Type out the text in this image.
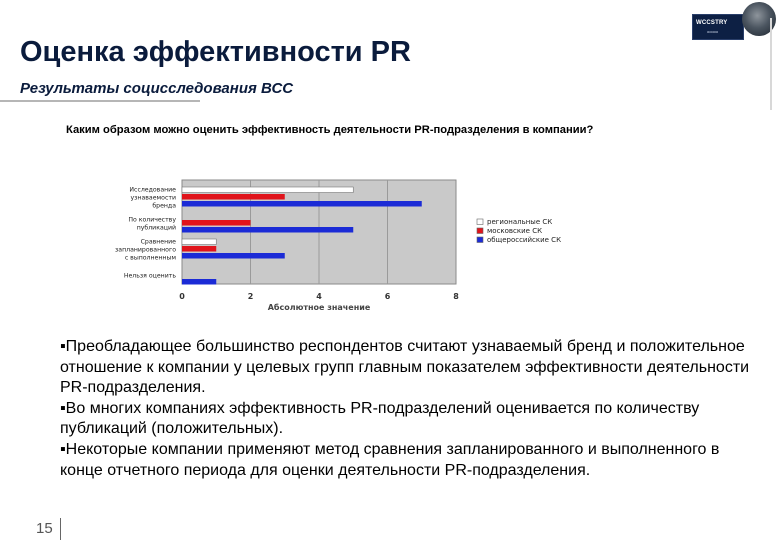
WCCSTRY
ooooo
Оценка эффективности PR
Результаты социсследования ВСС

Каким образом можно оценить эффективность деятельности PR-подразделения в компании?

0	2	4	6	8
Абсолютное значение
Исследование
узнаваемости
бренда
По количеству
публикаций
Сравнение
запланированного
с выполненным
Нельзя оценить
региональные СК
московские СК
общероссийские СК
▪Преобладающее большинство респондентов считают узнаваемый бренд и положительное отношение к компании у целевых групп главным показателем эффективности деятельности PR-подразделения.
▪Во многих компаниях эффективность PR-подразделений оценивается по количеству публикаций (положительных).
▪Некоторые компании применяют метод сравнения запланированного и выполненного в конце отчетного периода для оценки деятельности PR-подразделения.
15
